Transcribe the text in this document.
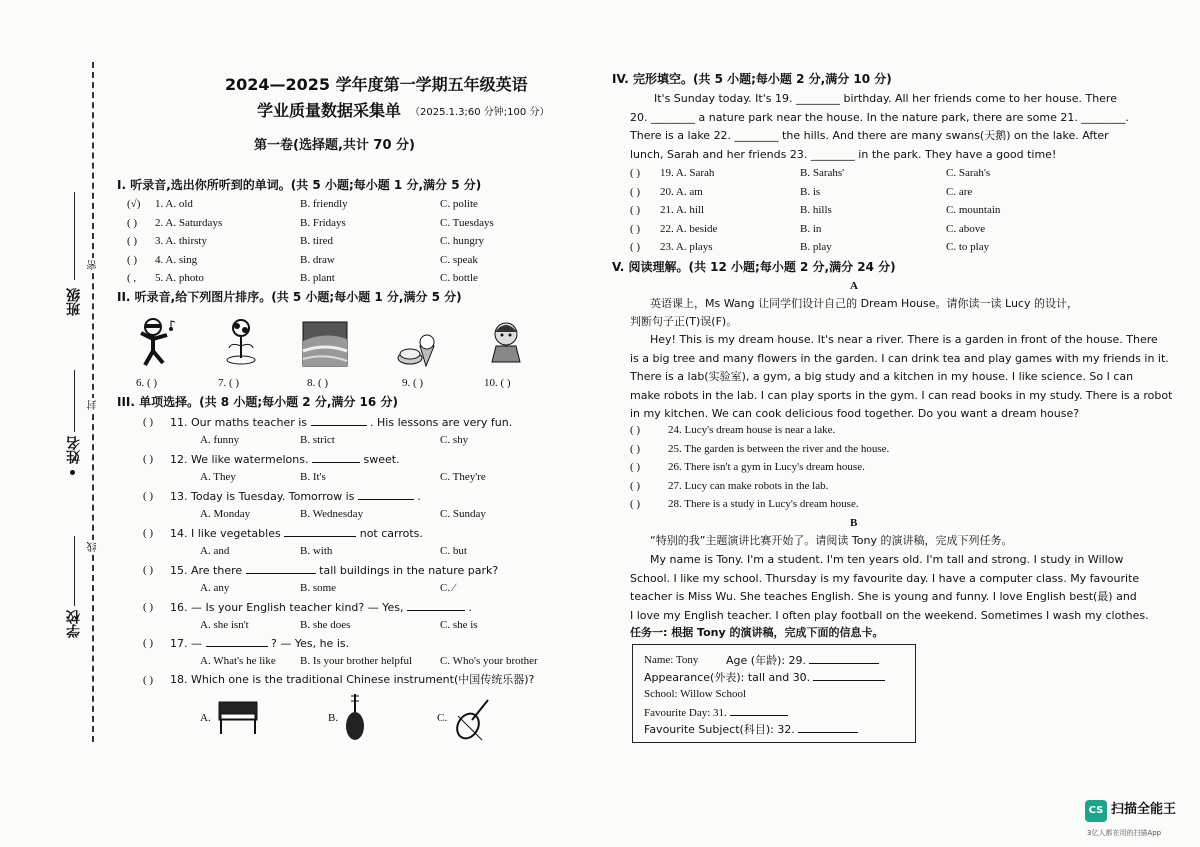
密
封
线
班级
姓名
学校
2024—2025 学年度第一学期五年级英语
学业质量数据采集单 （2025.1.3;60 分钟;100 分）
第一卷(选择题,共计 70 分)
I. 听录音,选出你所听到的单词。(共 5 小题;每小题 1 分,满分 5 分)
(√) 1. A. old	B. friendly	C. polite
( ) 2. A. Saturdays	B. Fridays	C. Tuesdays
( ) 3. A. thirsty	B. tired	C. hungry
( ) 4. A. sing	B. draw	C. speak
( , 5. A. photo	B. plant	C. bottle
II. 听录音,给下列图片排序。(共 5 小题;每小题 1 分,满分 5 分)
6. ( )	7. ( )	8. ( )	9. ( )	10. ( )
III. 单项选择。(共 8 小题;每小题 2 分,满分 16 分)
( ) 11. Our maths teacher is	. His lessons are very fun.
A. funny	B. strict	C. shy
( ) 12. We like watermelons.	sweet.
A. They	B. It's	C. They're
( ) 13. Today is Tuesday. Tomorrow is	.
A. Monday	B. Wednesday	C. Sunday
( ) 14. I like vegetables	not carrots.
A. and	B. with	C. but
( ) 15. Are there	tall buildings in the nature park?
A. any	B. some	C. ∕
( ) 16. — Is your English teacher kind? — Yes,	.
A. she isn't	B. she does	C. she is
( ) 17. —	? — Yes, he is.
A. What's he like B. Is your brother helpful	C. Who's your brother
( ) 18. Which one is the traditional Chinese instrument(中国传统乐器)?
A.	B.	C.
IV. 完形填空。(共 5 小题;每小题 2 分,满分 10 分)
It's Sunday today. It's 19. ________ birthday. All her friends come to her house. There
20. ________ a nature park near the house. In the nature park, there are some 21. ________.
There is a lake 22. ________ the hills. And there are many swans(天鹅) on the lake. After
lunch, Sarah and her friends 23. ________ in the park. They have a good time!
( ) 19. A. Sarah	B. Sarahs'	C. Sarah's
( ) 20. A. am	B. is	C. are
( ) 21. A. hill	B. hills	C. mountain
( ) 22. A. beside	B. in	C. above
( ) 23. A. plays	B. play	C. to play
V. 阅读理解。(共 12 小题;每小题 2 分,满分 24 分)
A
英语课上，Ms Wang 让同学们设计自己的 Dream House。请你读一读 Lucy 的设计，
判断句子正(T)误(F)。
Hey! This is my dream house. It's near a river. There is a garden in front of the house. There
is a big tree and many flowers in the garden. I can drink tea and play games with my friends in it.
There is a lab(实验室), a gym, a big study and a kitchen in my house. I like science. So I can
make robots in the lab. I can play sports in the gym. I can read books in my study. There is a robot
in my kitchen. We can cook delicious food together. Do you want a dream house?
( )	24. Lucy's dream house is near a lake.
( )	25. The garden is between the river and the house.
( )	26. There isn't a gym in Lucy's dream house.
( )	27. Lucy can make robots in the lab.
( )	28. There is a study in Lucy's dream house.
B
“特别的我”主题演讲比赛开始了。请阅读 Tony 的演讲稿，完成下列任务。
My name is Tony. I'm a student. I'm ten years old. I'm tall and strong. I study in Willow
School. I like my school. Thursday is my favourite day. I have a computer class. My favourite
teacher is Miss Wu. She teaches English. She is young and funny. I love English best(最) and
I love my English teacher. I often play football on the weekend. Sometimes I wash my clothes.
任务一: 根据 Tony 的演讲稿，完成下面的信息卡。
Name: Tony	Age (年龄): 29.
Appearance(外表): tall and 30.
School: Willow School
Favourite Day: 31.
Favourite Subject(科目): 32.
CS 扫描全能王
3亿人都在用的扫描App
